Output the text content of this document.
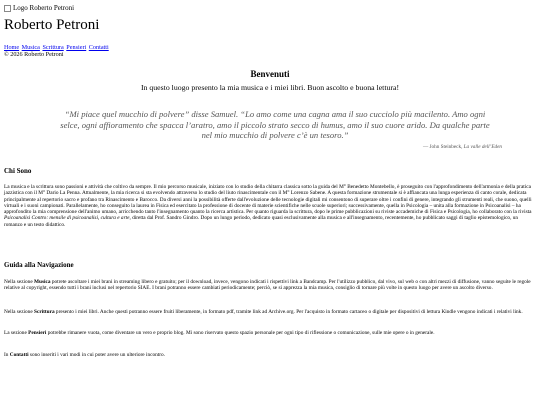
Logo Roberto Petroni
Roberto Petroni
Home Musica Scrittura Pensieri Contatti
© 2026 Roberto Petroni
Benvenuti
In questo luogo presento la mia musica e i miei libri. Buon ascolto e buona lettura!
“Mi piace quel mucchio di polvere” disse Samuel. “Lo amo come una cagna ama il suo cucciolo più macilento. Amo ogni selce, ogni affioramento che spacca l’aratro, amo il piccolo strato secco di humus, amo il suo cuore arido. Da qualche parte nel mio mucchio di polvere c’è un tesoro.”
— John Steinbeck, La valle dell’Eden
Chi Sono

La musica e la scrittura sono passioni e attività che coltivo da sempre. Il mio percorso musicale, iniziato con lo studio della chitarra classica sotto la guida del M° Benedetto Montebello, è proseguito con l'approfondimento dell'armonia e della pratica jazzistica con il M° Dario La Penna. Attualmente, la mia ricerca si sta evolvendo attraverso lo studio del liuto rinascimentale con il M° Lorenzo Sabene. A questa formazione strumentale si è affiancata una lunga esperienza di canto corale, dedicata principalmente al repertorio sacro e profano tra Rinascimento e Barocco. Da diversi anni la possibilità offerte dall'evoluzione delle tecnologie digitali mi consentono di superare oltre i confini di genere, integrando gli strumenti reali, che suono, quelli virtuali e i suoni campionati. Parallelamente, ho conseguito la laurea in Fisica ed esercitato la professione di docente di materie scientifiche nelle scuole superiori; successivamente, quella in Psicologia – unita alla formazione in Psicoanalisi – ha approfondito la mia comprensione dell'animo umano, arricchendo tanto l'insegnamento quanto la ricerca artistica. Per quanto riguarda la scrittura, dopo le prime pubblicazioni su riviste accademiche di Fisica e Psicologia, ho collaborato con la rivista Psicoanalisi Contro: mensile di psicoanalisi, cultura e arte, diretta dal Prof. Sandro Gindro. Dopo un lungo periodo, dedicato quasi esclusivamente alla musica e all'insegnamento, recentemente, ho pubblicato saggi di taglio epistemologico, un romanzo e un testo didattico.

Guida alla Navigazione

Nella sezione Musica potrete ascoltare i miei brani in streaming libero e gratuito; per il download, invece, vengono indicati i rispettivi link a Bandcamp. Per l'utilizzo pubblico, dal vivo, sul web o con altri mezzi di diffusione, vanno seguite le regole relative al copyright, essendo tutti i brani inclusi nel repertorio SIAE. I brani potranno essere cambiati periodicamente; perciò, se si apprezza la mia musica, consiglio di tornare più volte in questo luogo per avere un ascolto diverso.

Nella sezione Scrittura presento i miei libri. Anche questi potranno essere fruiti liberamente, in formato pdf, tramite link ad Archive.org. Per l'acquisto in formato cartaceo o digitale per dispositivi di lettura Kindle vengono indicati i relativi link.

La sezione Pensieri potrebbe rimanere vuota, come diventare un vero e proprio blog. Mi sono riservato questo spazio personale per ogni tipo di riflessione o comunicazione, sulle mie opere o in generale.

In Contatti sono inseriti i vari modi in cui poter avere un ulteriore incontro.
